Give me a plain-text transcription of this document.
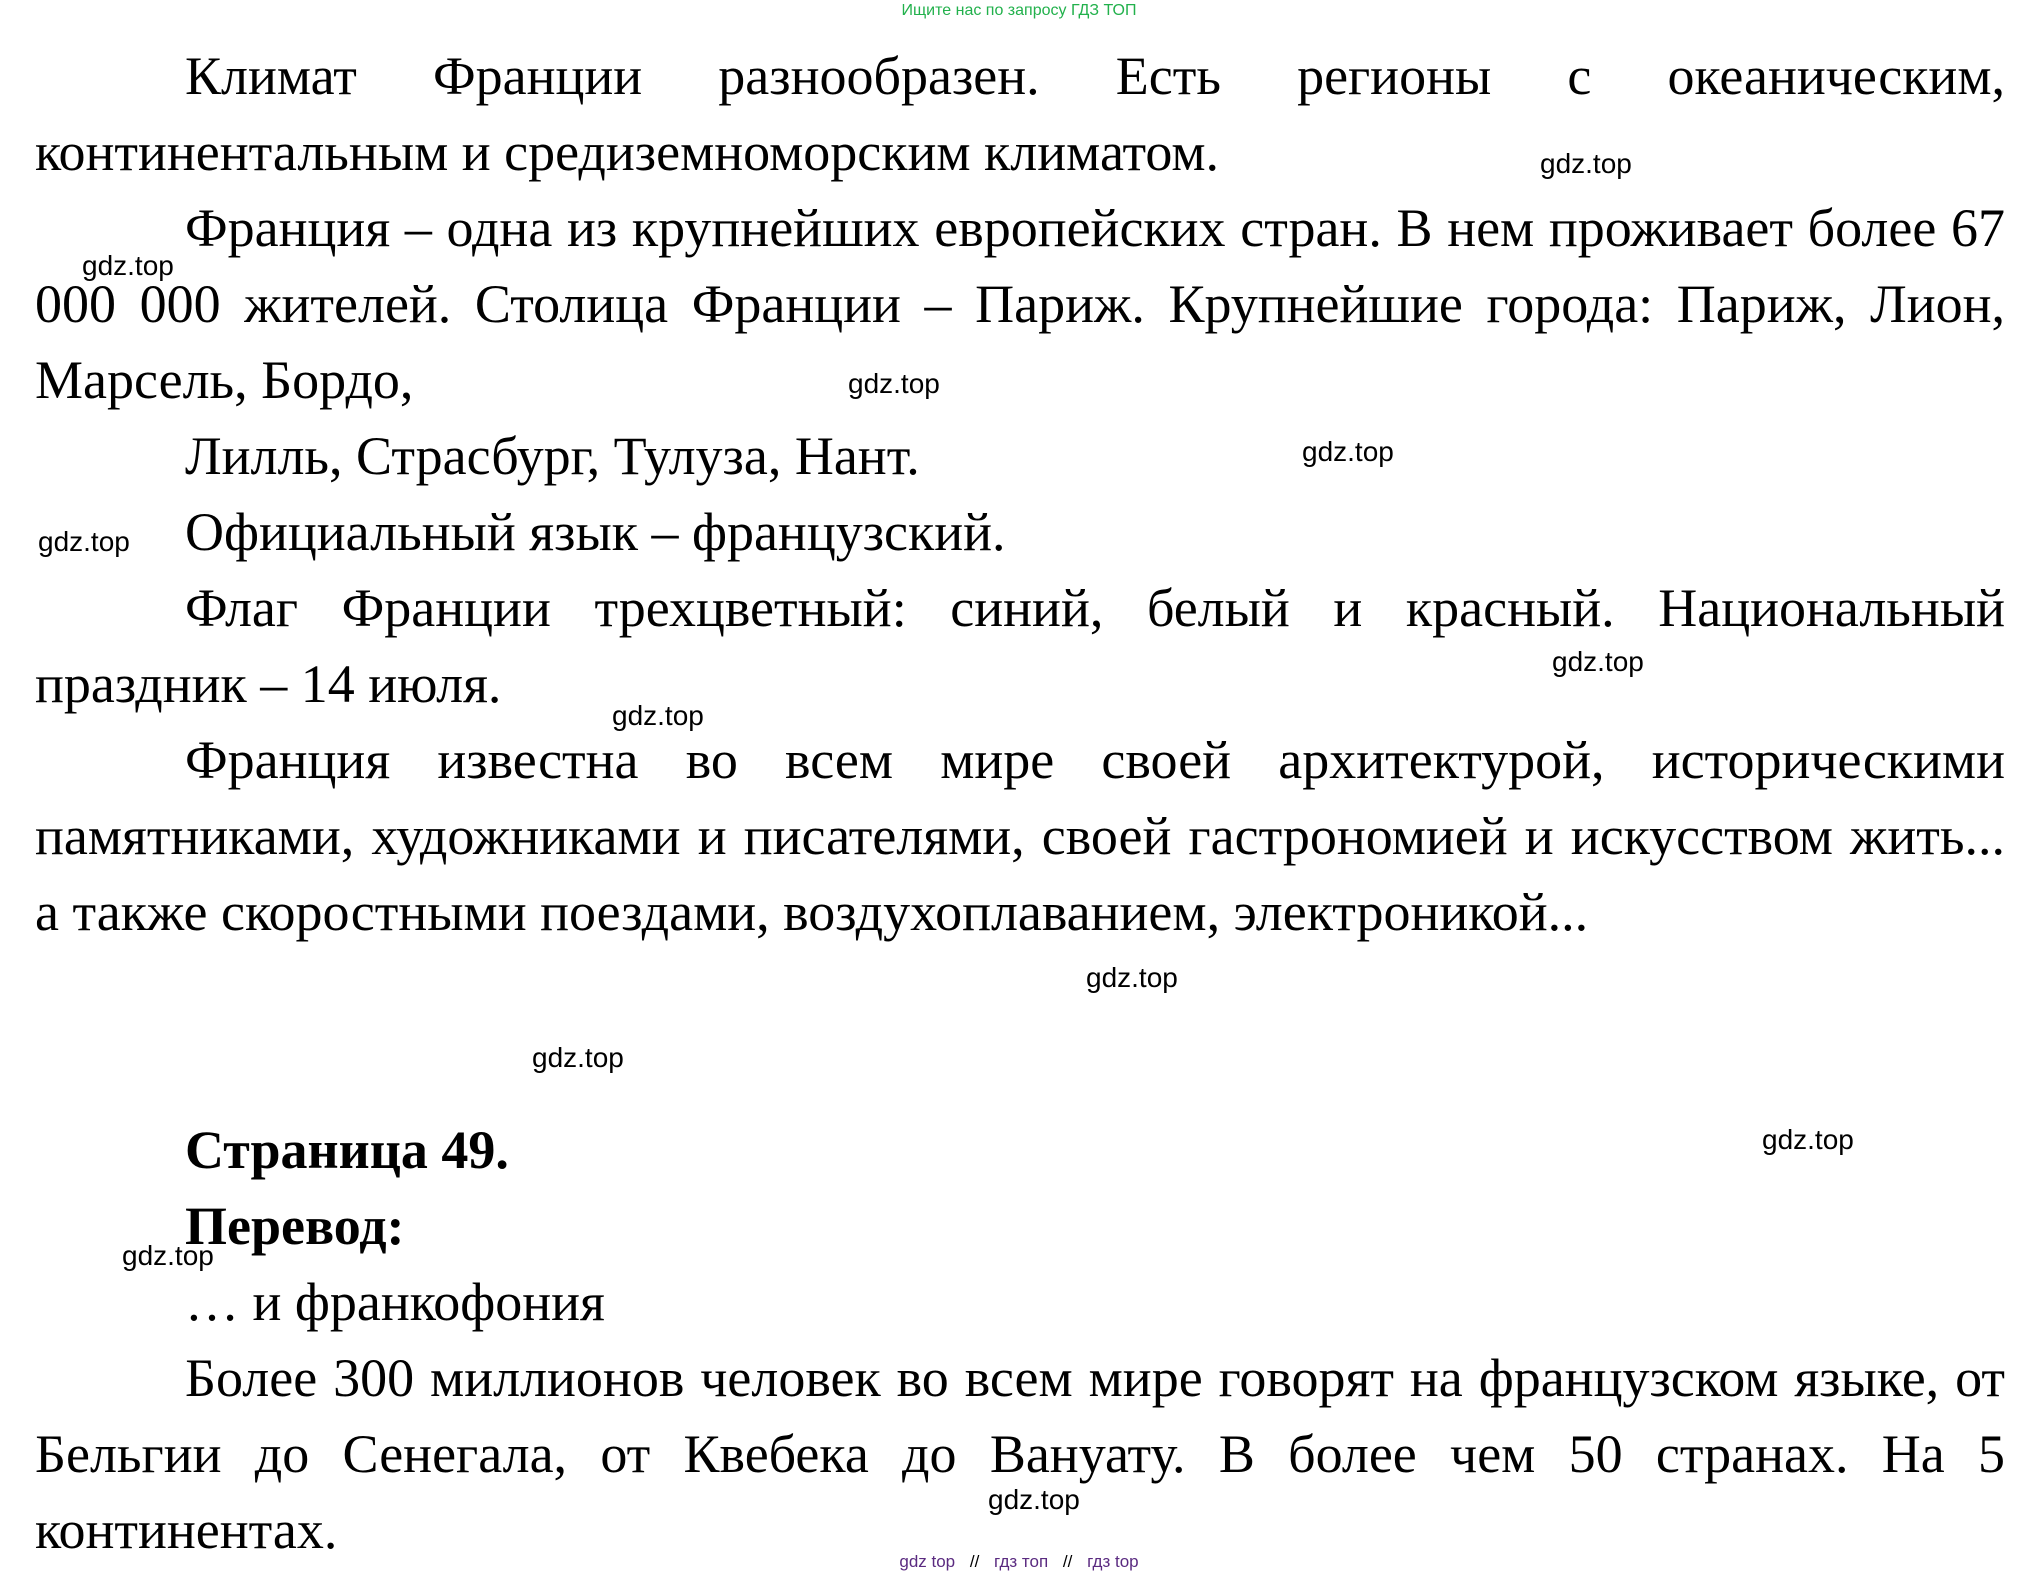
Ищите нас по запросу ГДЗ ТОП

Климат Франции разнообразен. Есть регионы с океаническим, континентальным и средиземноморским климатом.

Франция – одна из крупнейших европейских стран. В нем проживает более 67 000 000 жителей. Столица Франции – Париж. Крупнейшие города: Париж, Лион, Марсель, Бордо,

Лилль, Страсбург, Тулуза, Нант.

Официальный язык – французский.

Флаг Франции трехцветный: синий, белый и красный. Национальный праздник – 14 июля.

Франция известна во всем мире своей архитектурой, историческими памятниками, художниками и писателями, своей гастрономией и искусством жить... а также скоростными поездами, воздухоплаванием, электроникой...

Страница 49.

Перевод:

… и франкофония

Более 300 миллионов человек во всем мире говорят на французском языке, от Бельгии до Сенегала, от Квебека до Вануату. В более чем 50 странах. На 5 континентах.

gdz.top
gdz.top
gdz.top
gdz.top
gdz.top
gdz.top
gdz.top
gdz.top
gdz.top
gdz.top
gdz.top
gdz.top
gdz top // гдз топ // гдз top
